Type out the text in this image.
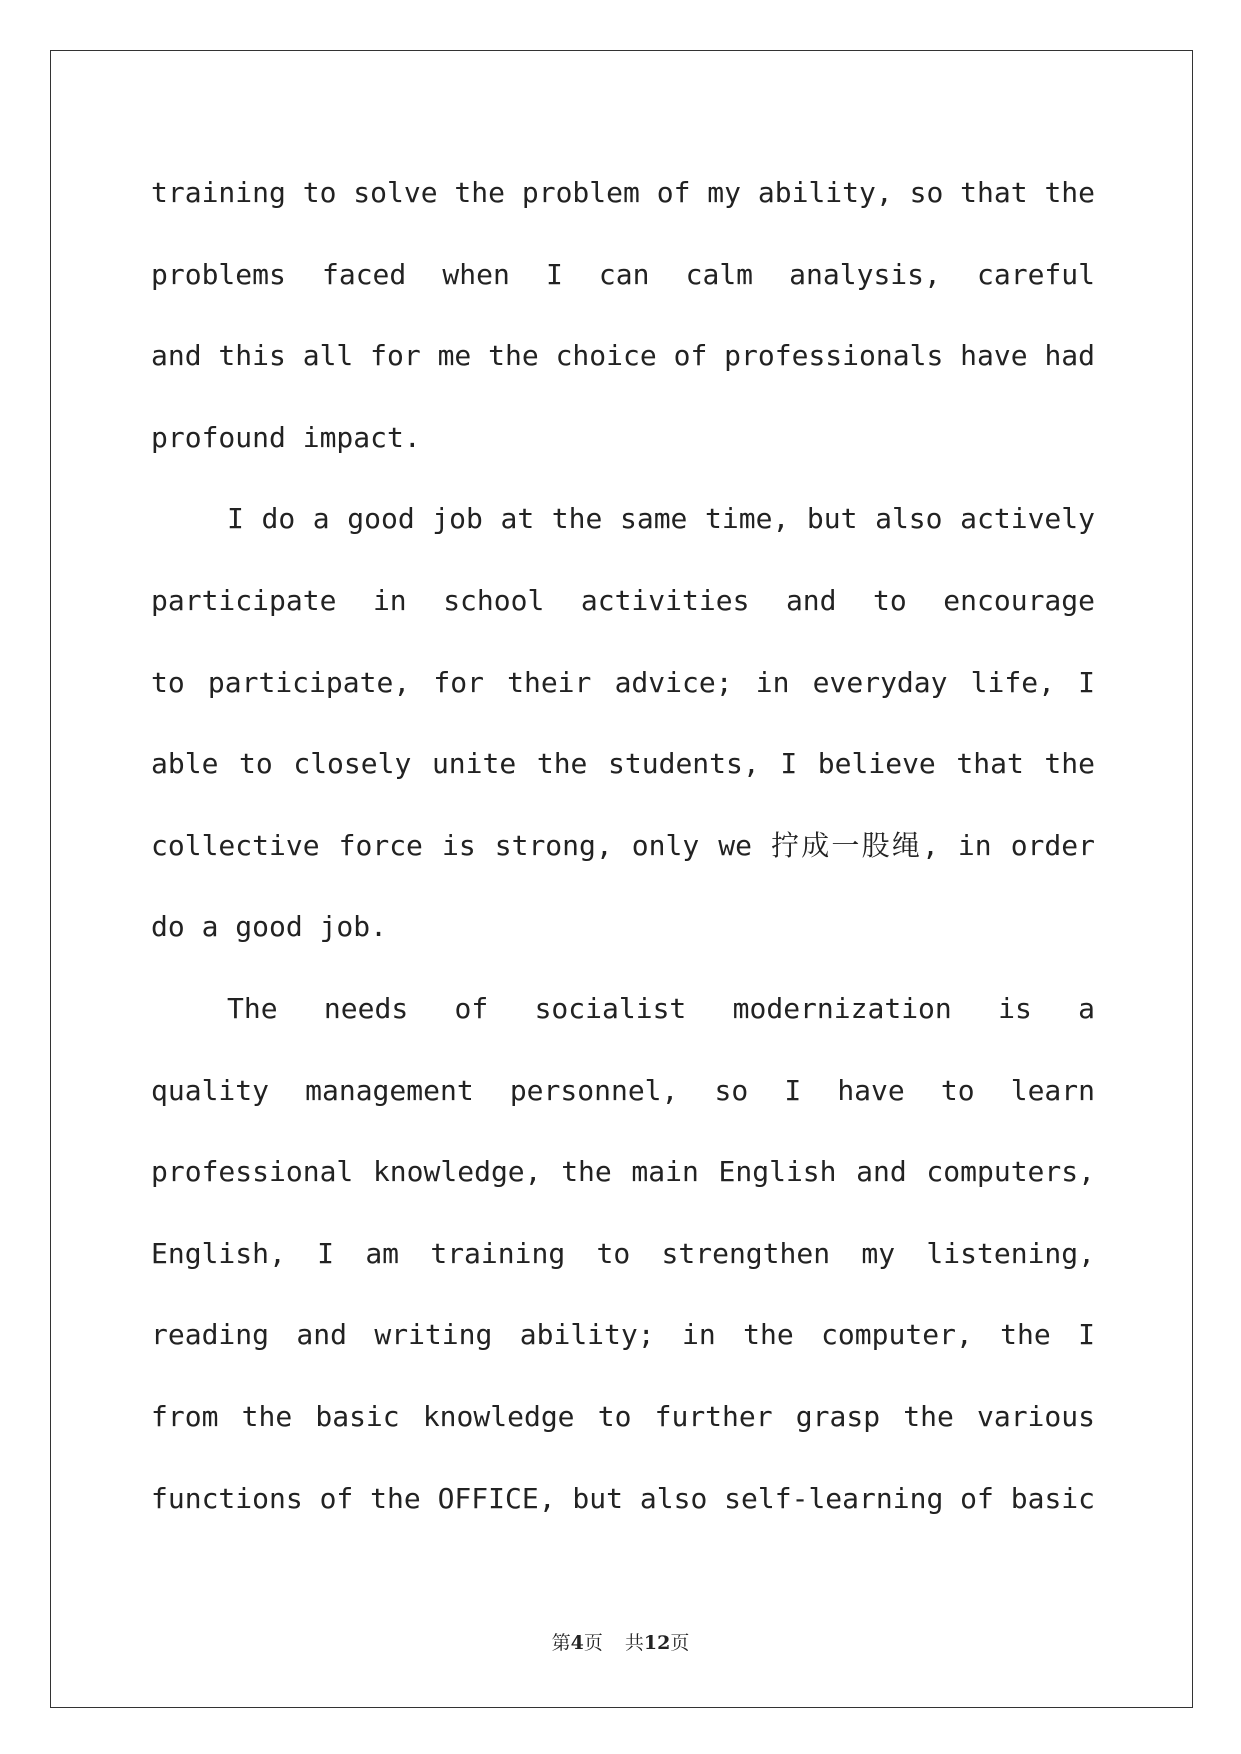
training to solve the problem of my ability, so that the
problems faced when I can calm analysis, careful
and this all for me the choice of professionals have had
profound impact.
I do a good job at the same time, but also actively
participate in school activities and to encourage
to participate, for their advice; in everyday life, I
able to closely unite the students, I believe that the
collective force is strong, only we 拧成一股绳, in order
do a good job.
The needs of socialist modernization is a
quality management personnel, so I have to learn
professional knowledge, the main English and computers,
English, I am training to strengthen my listening,
reading and writing ability; in the computer, the I
from the basic knowledge to further grasp the various
functions of the OFFICE, but also self-learning of basic
第4页 共12页
